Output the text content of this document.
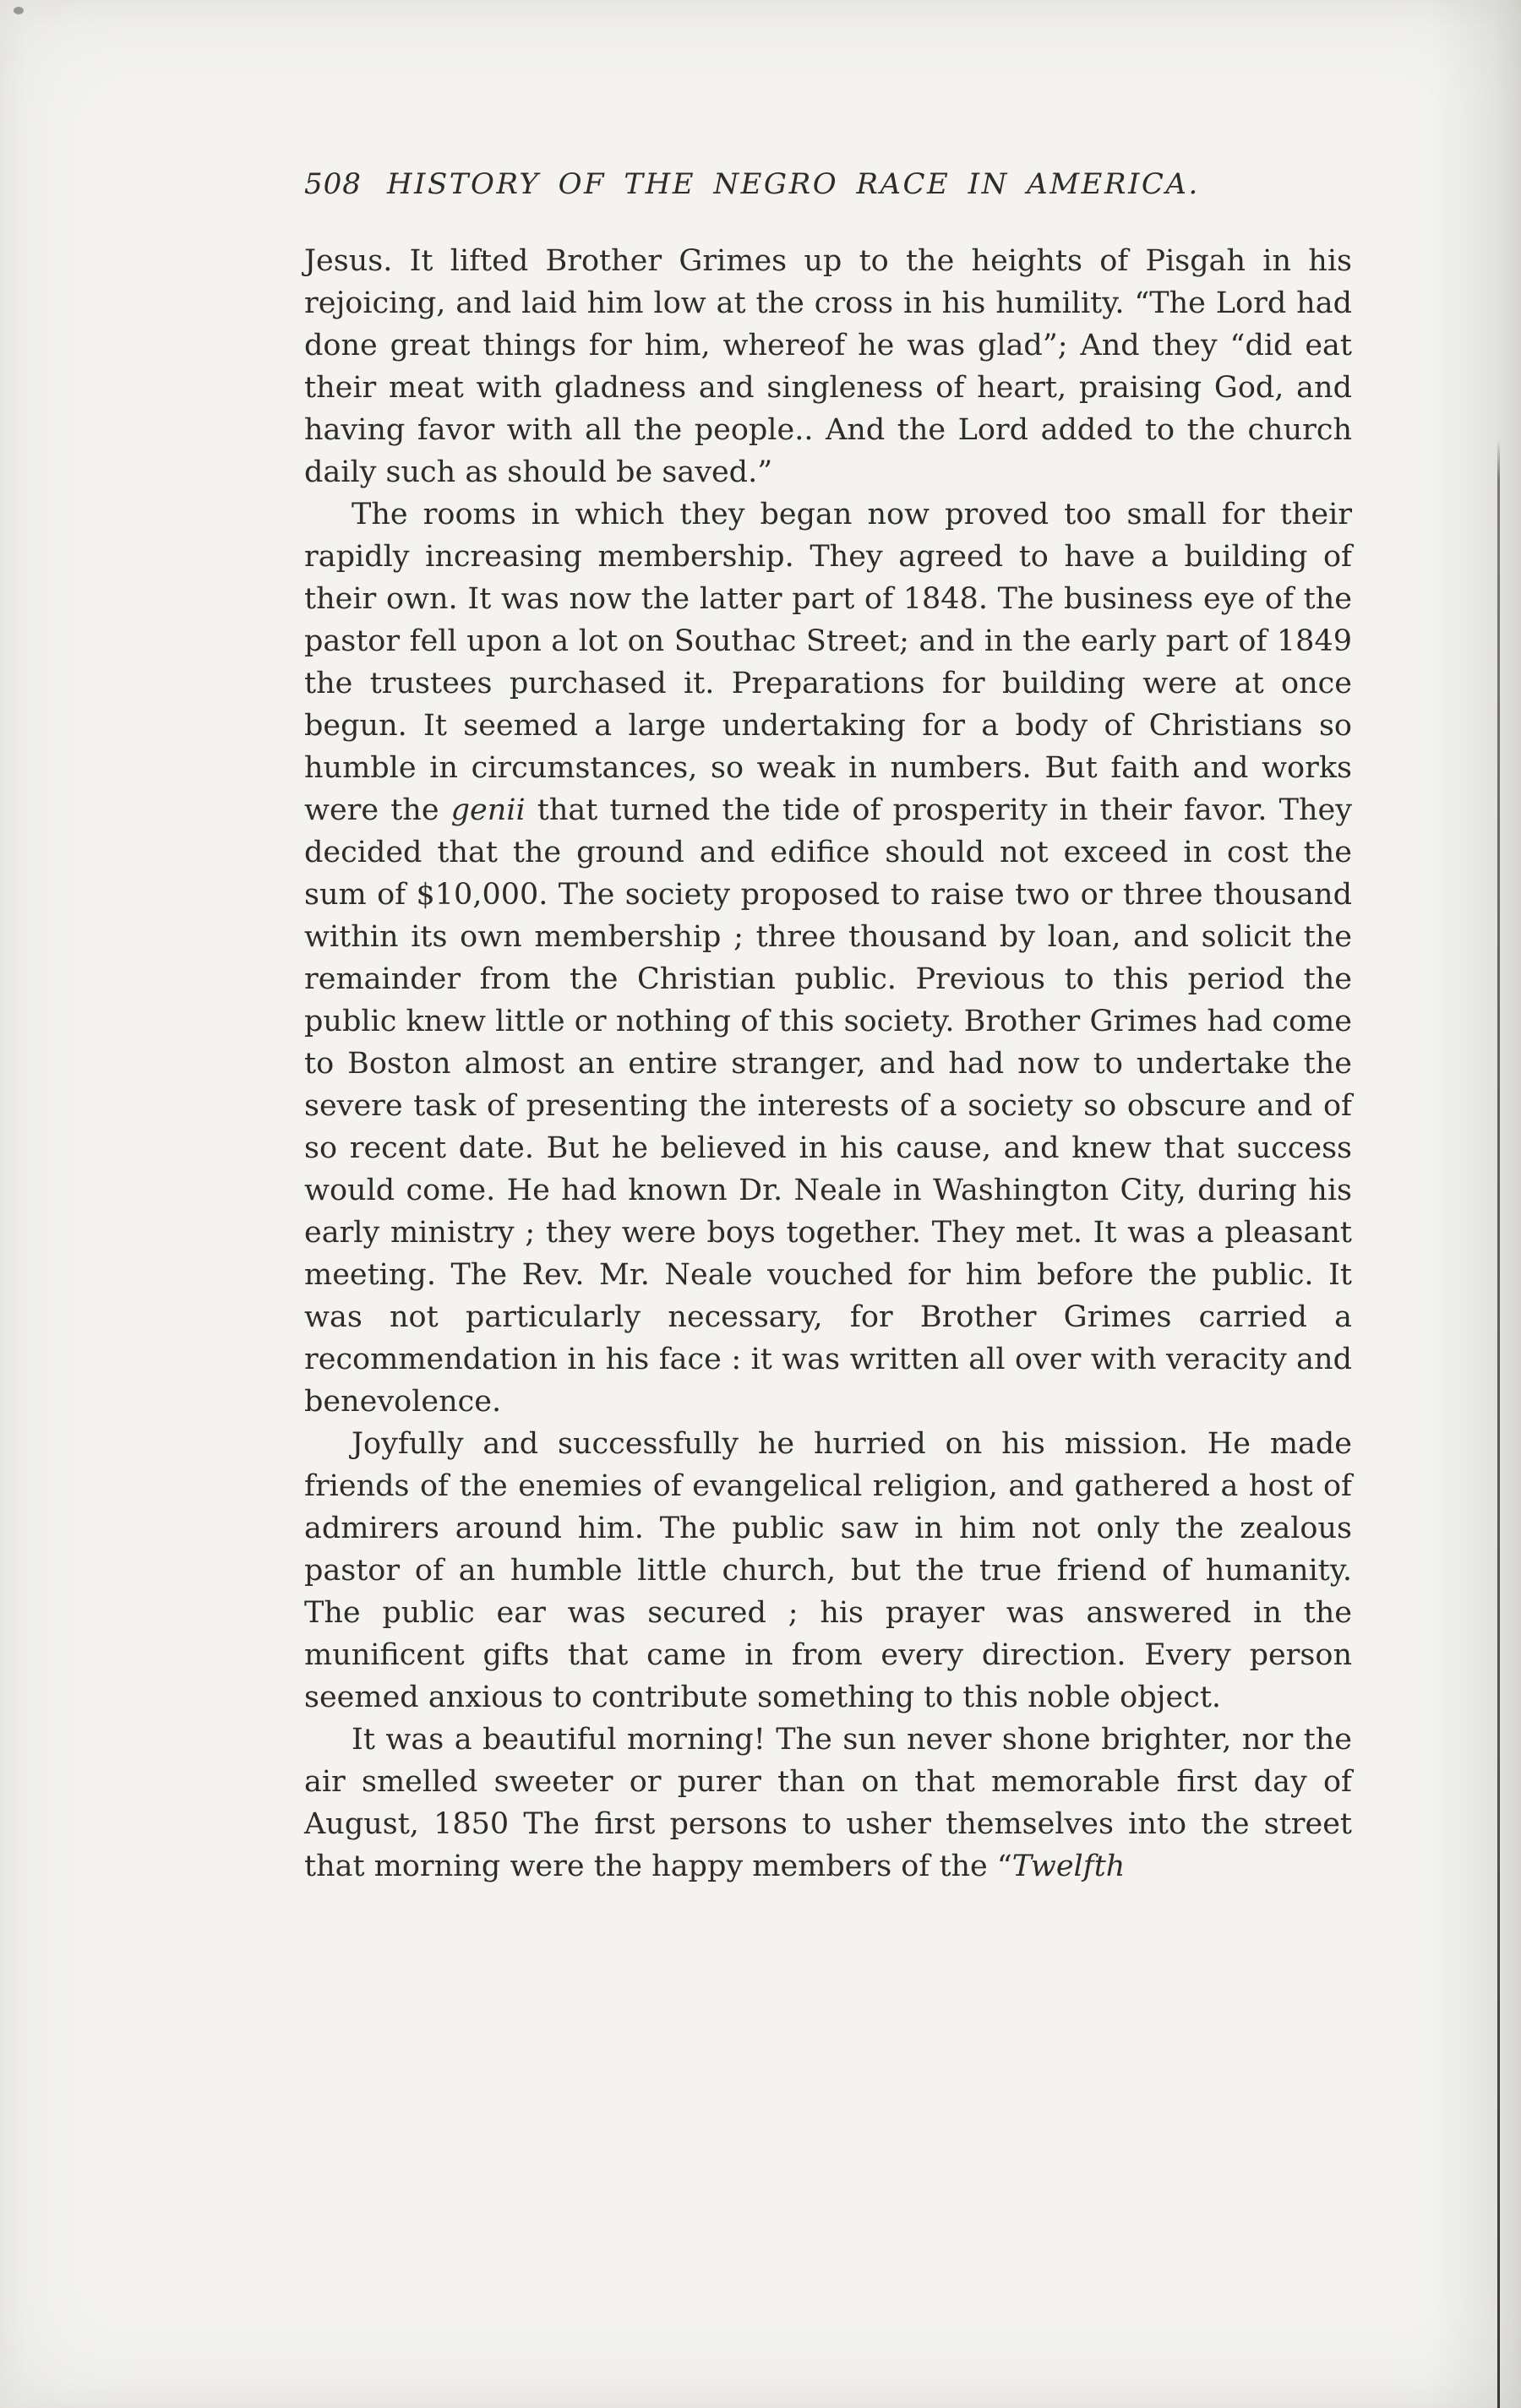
508 HISTORY OF THE NEGRO RACE IN AMERICA.

Jesus. It lifted Brother Grimes up to the heights of Pisgah in his rejoicing, and laid him low at the cross in his humility. “The Lord had done great things for him, whereof he was glad”; And they “did eat their meat with gladness and singleness of heart, praising God, and having favor with all the people.. And the Lord added to the church daily such as should be saved.”

The rooms in which they began now proved too small for their rapidly increasing membership. They agreed to have a building of their own. It was now the latter part of 1848. The business eye of the pastor fell upon a lot on Southac Street; and in the early part of 1849 the trustees purchased it. Preparations for building were at once begun. It seemed a large undertaking for a body of Christians so humble in circumstances, so weak in numbers. But faith and works were the genii that turned the tide of prosperity in their favor. They decided that the ground and edifice should not exceed in cost the sum of $10,000. The society proposed to raise two or three thousand within its own membership ; three thousand by loan, and solicit the remainder from the Christian public. Previous to this period the public knew little or nothing of this society. Brother Grimes had come to Boston almost an entire stranger, and had now to undertake the severe task of presenting the interests of a society so obscure and of so recent date. But he believed in his cause, and knew that success would come. He had known Dr. Neale in Washington City, during his early ministry ; they were boys together. They met. It was a pleasant meeting. The Rev. Mr. Neale vouched for him before the public. It was not particularly necessary, for Brother Grimes carried a recommendation in his face : it was written all over with veracity and benevolence.

Joyfully and successfully he hurried on his mission. He made friends of the enemies of evangelical religion, and gathered a host of admirers around him. The public saw in him not only the zealous pastor of an humble little church, but the true friend of humanity. The public ear was secured ; his prayer was answered in the munificent gifts that came in from every direction. Every person seemed anxious to contribute something to this noble object.

It was a beautiful morning! The sun never shone brighter, nor the air smelled sweeter or purer than on that memorable first day of August, 1850 The first persons to usher themselves into the street that morning were the happy members of the “Twelfth
